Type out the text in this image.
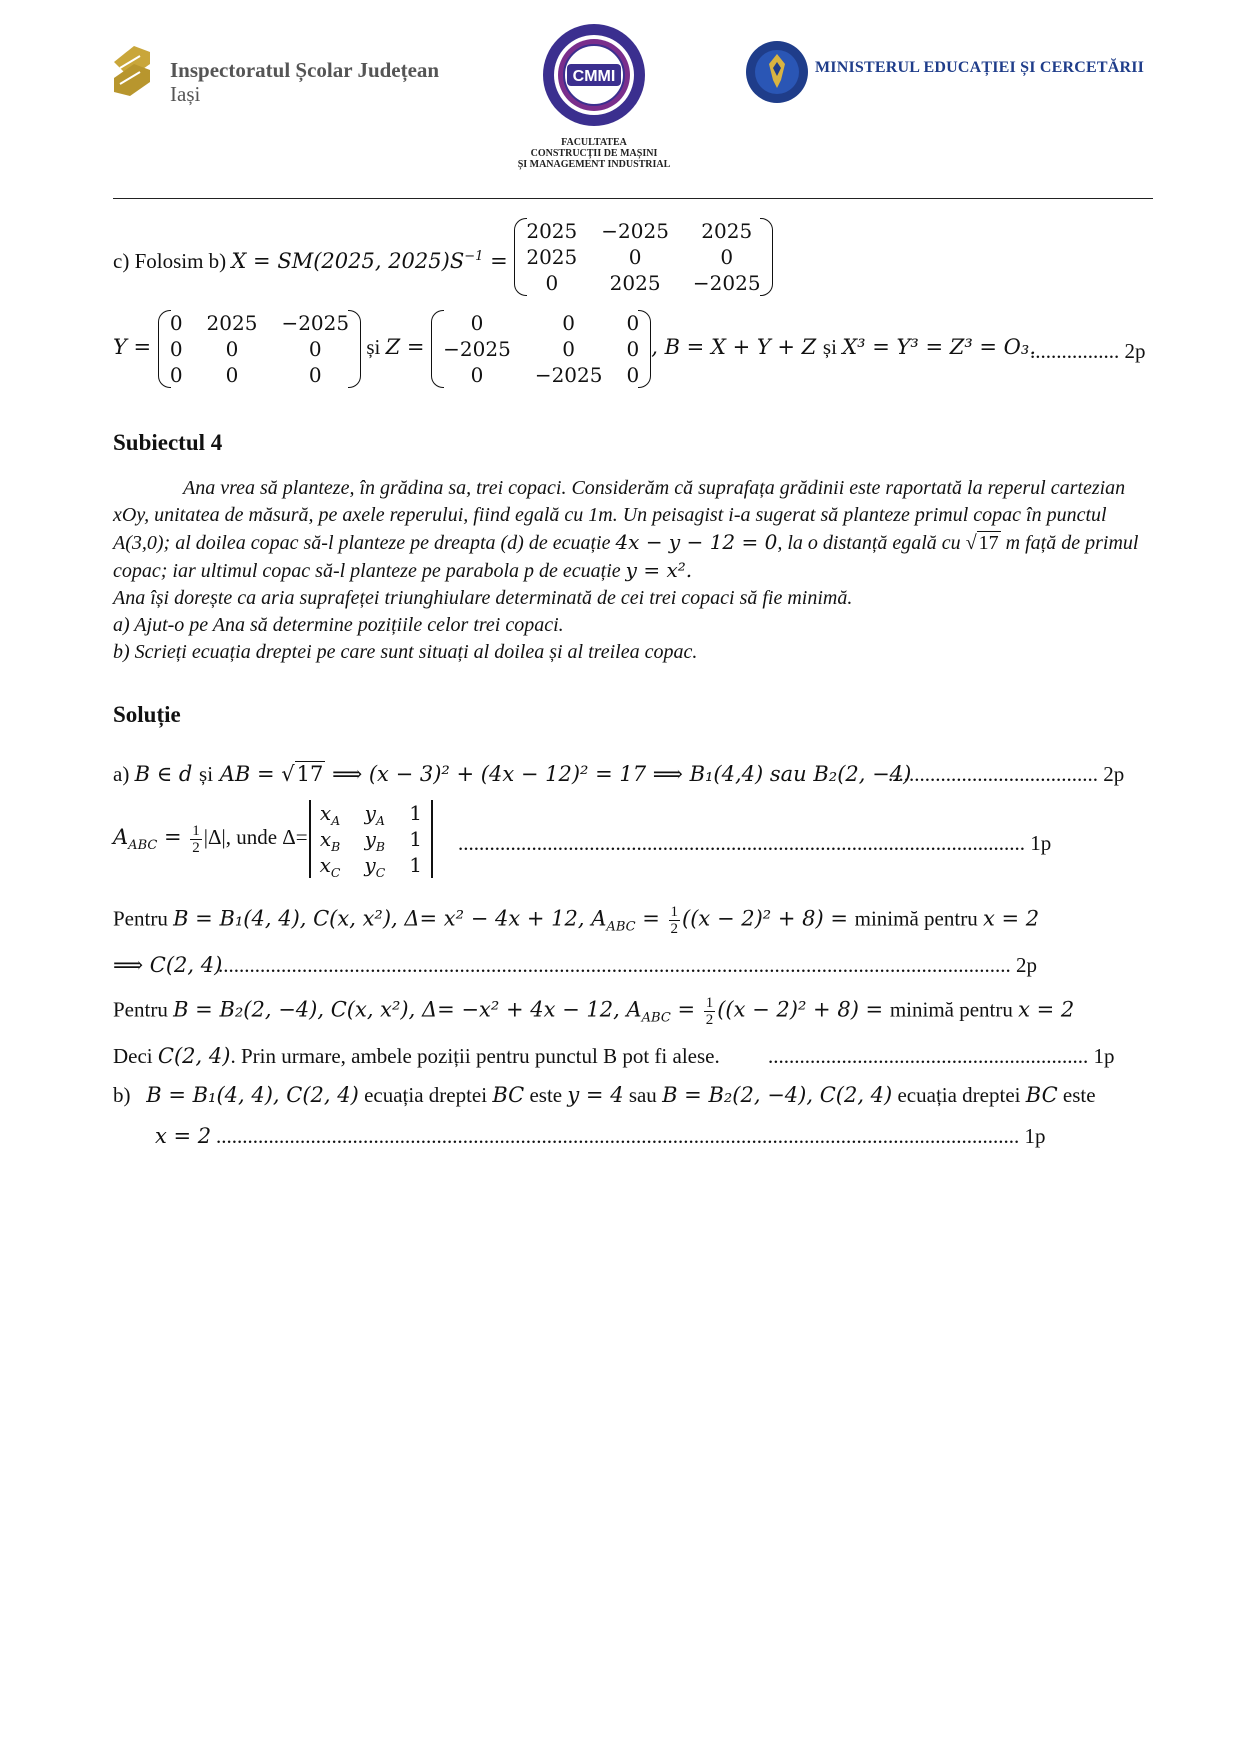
Inspectoratul Școlar Județean
Iași
CMMI
FACULTATEA
CONSTRUCȚII DE MAȘINI
ȘI MANAGEMENT INDUSTRIAL
MINISTERUL EDUCAȚIEI ȘI CERCETĂRII
c) Folosim b) X = SM(2025, $2025)S^{-1}$ =
2025	−2025	2025
2025	0	0
0	2025	−2025
Y =
0	2025	−2025
0	0	0
0	0	0
și Z =
0	0	0
−2025	0	0
0	−2025	0
, B = X + Y + Z și X³ = Y³ = Z³ = O₃.
................. 2p
Subiectul 4
Ana vrea să planteze, în grădina sa, trei copaci. Considerăm că suprafața grădinii este raportată la reperul cartezian
xOy, unitatea de măsură, pe axele reperului, fiind egală cu 1m. Un peisagist i-a sugerat să planteze primul copac în punctul
A(3,0); al doilea copac să-l planteze pe dreapta (d) de ecuație 4x − y − 12 = 0, la o distanță egală cu √ 17 m față de primul
copac; iar ultimul copac să-l planteze pe parabola p de ecuație y = x².
Ana își dorește ca aria suprafeței triunghiulare determinată de cei trei copaci să fie minimă.
a) Ajut-o pe Ana să determine pozițiile celor trei copaci.
b) Scrieți ecuația dreptei pe care sunt situați al doilea și al treilea copac.
Soluție
a) B ∈ d și AB = √17 ⟹ (x − 3)² + (4x − 12)² = 17 ⟹ B₁(4,4) sau B₂(2, −4)
........................................ 2p
$A_{ABC} = \frac{1}{2} |\Delta|$, unde Δ=
$x_A$	$y_A$	1
$x_B$	$y_B$	1
$x_C$	$y_C$	1
............................................................................................................ 1p
Pentru B = B₁(4, 4), C(x, x²), Δ= x² − 4x + 12, $A_{ABC} = \frac{1}{2} ((x - 2)^2 + 8)$ = minimă pentru x = 2
⟹ C(2, 4)
....................................................................................................................................................... 2p
Pentru B = B₂(2, −4), C(x, x²), Δ= −x² + 4x − 12, $A_{ABC} = \frac{1}{2} ((x - 2)^2 + 8)$ = minimă pentru x = 2
Deci C(2, 4). Prin urmare, ambele poziții pentru punctul B pot fi alese. ............................................................. 1p
b) B = B₁(4, 4), C(2, 4) ecuația dreptei BC este y = 4 sau B = B₂(2, −4), C(2, 4) ecuația dreptei BC este
x = 2 ......................................................................................................................................................... 1p
